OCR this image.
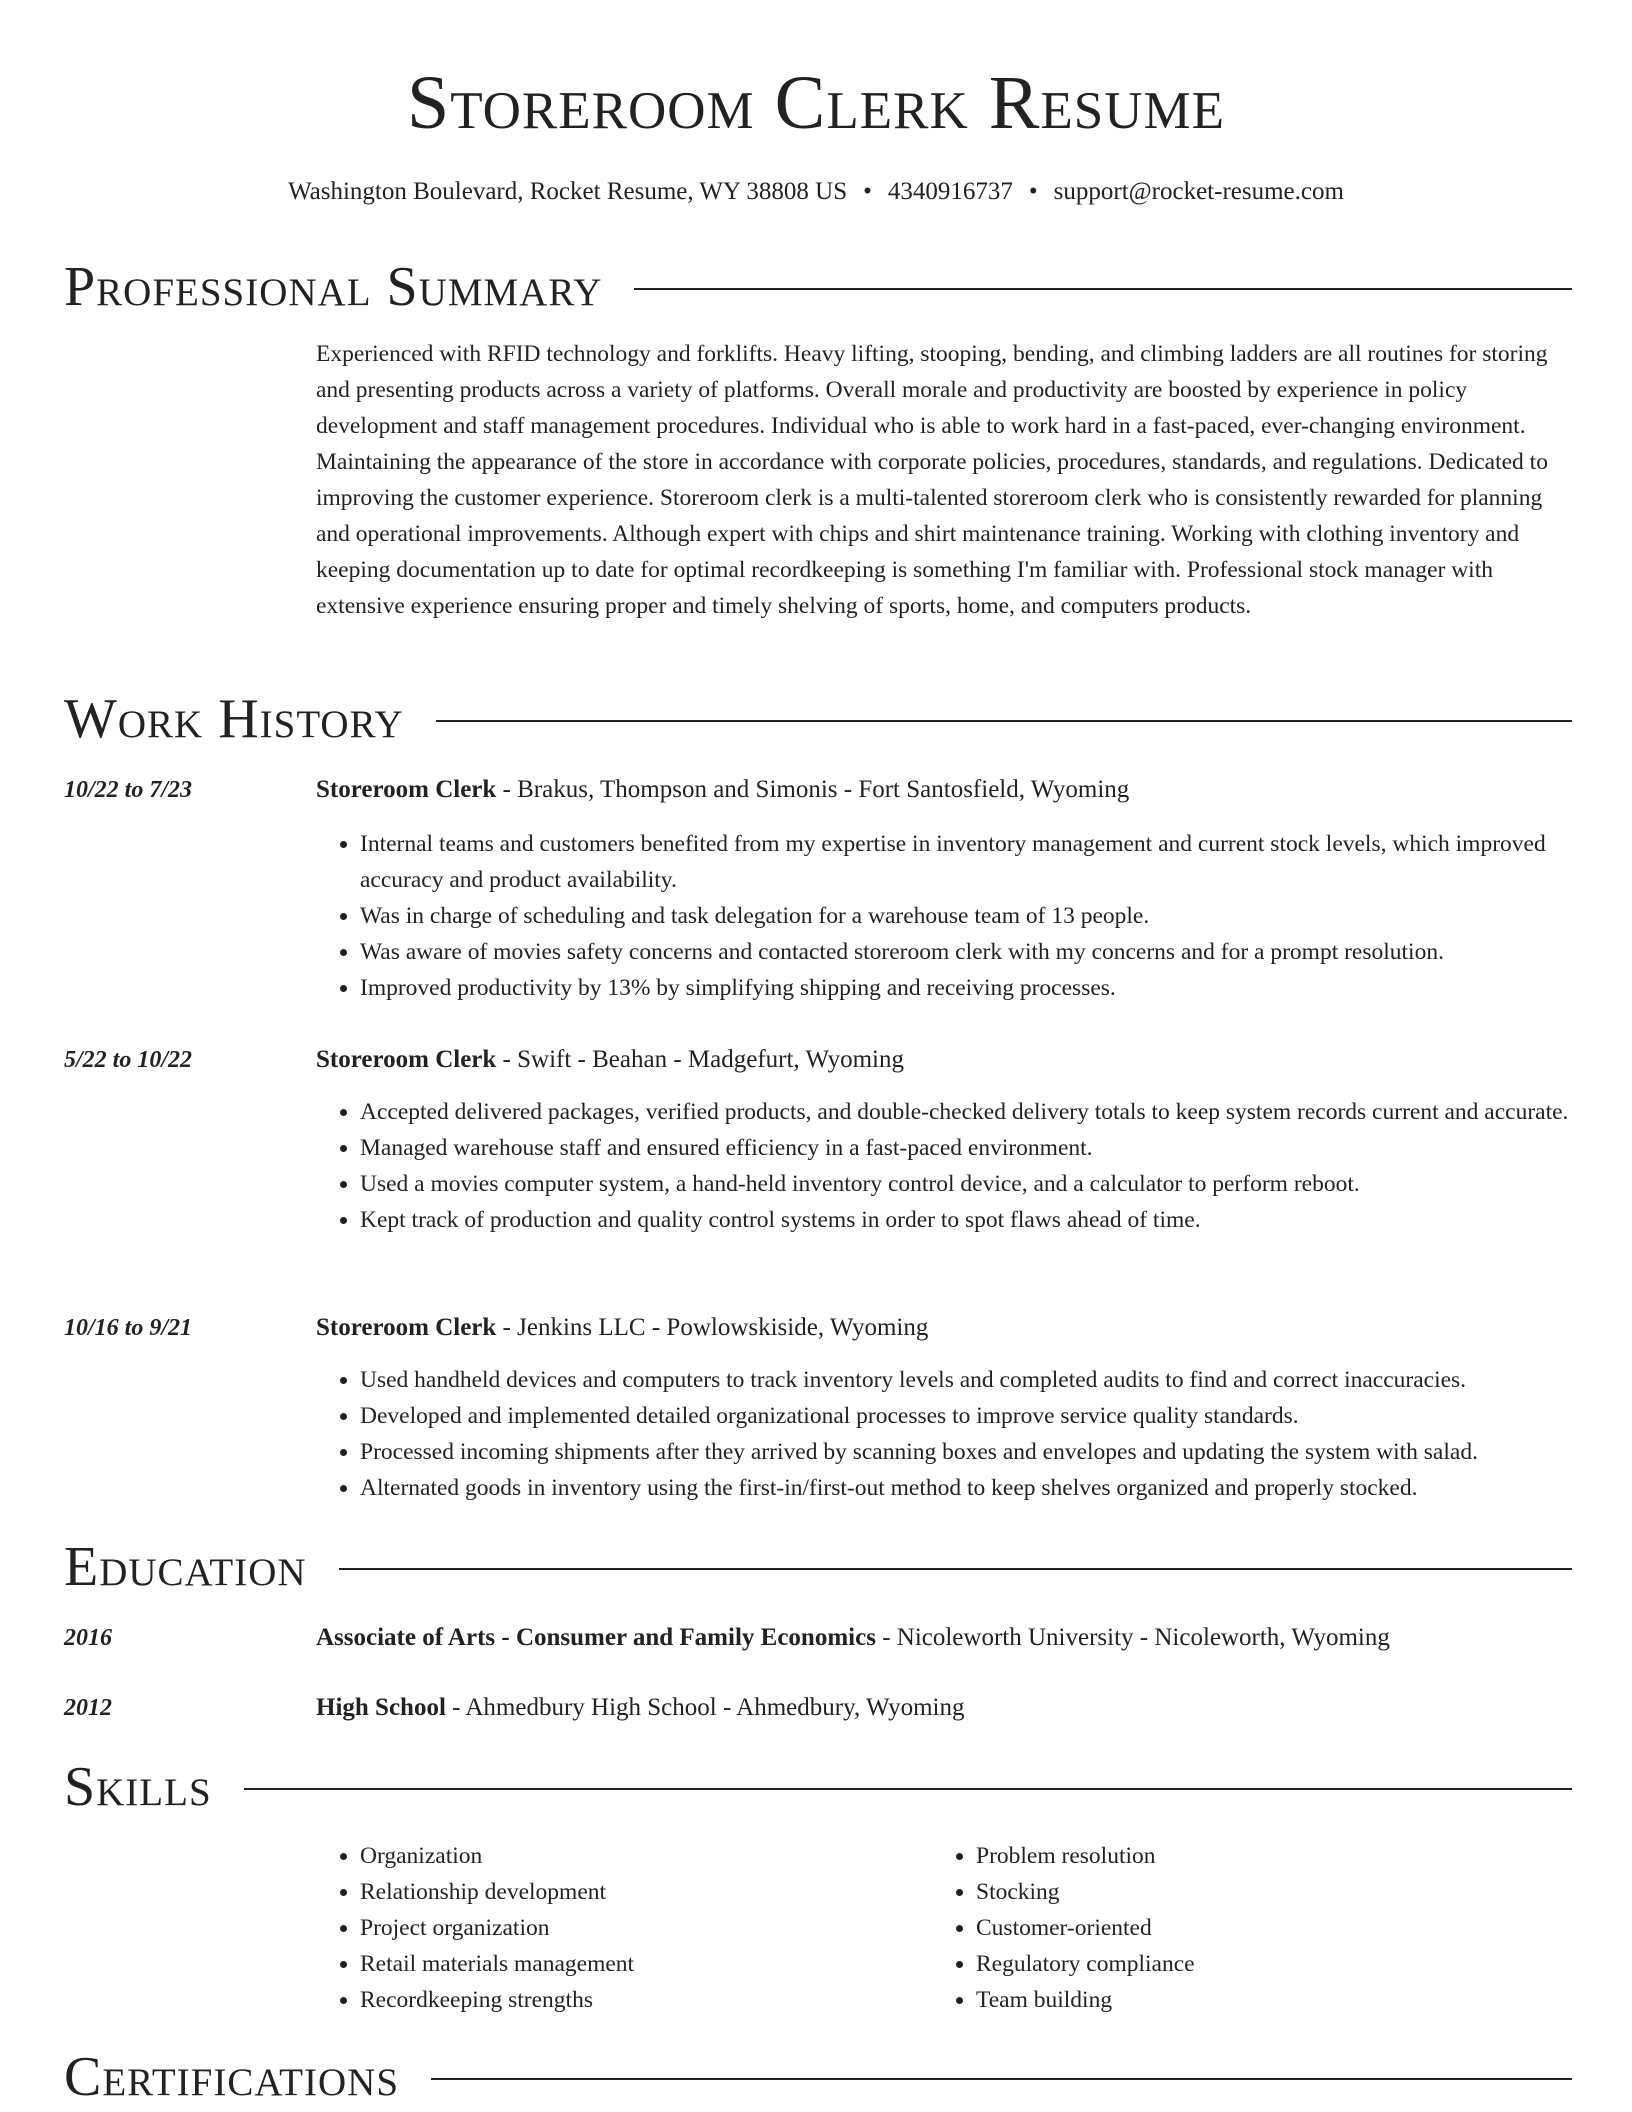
Storeroom Clerk Resume
Washington Boulevard, Rocket Resume, WY 38808 US • 4340916737 • support@rocket-resume.com
Professional Summary
Experienced with RFID technology and forklifts. Heavy lifting, stooping, bending, and climbing ladders are all routines for storing and presenting products across a variety of platforms. Overall morale and productivity are boosted by experience in policy development and staff management procedures. Individual who is able to work hard in a fast-paced, ever-changing environment. Maintaining the appearance of the store in accordance with corporate policies, procedures, standards, and regulations. Dedicated to improving the customer experience. Storeroom clerk is a multi-talented storeroom clerk who is consistently rewarded for planning and operational improvements. Although expert with chips and shirt maintenance training. Working with clothing inventory and keeping documentation up to date for optimal recordkeeping is something I'm familiar with. Professional stock manager with extensive experience ensuring proper and timely shelving of sports, home, and computers products.
Work History
10/22 to 7/23	Storeroom Clerk - Brakus, Thompson and Simonis - Fort Santosfield, Wyoming
• Internal teams and customers benefited from my expertise in inventory management and current stock levels, which improved accuracy and product availability.
• Was in charge of scheduling and task delegation for a warehouse team of 13 people.
• Was aware of movies safety concerns and contacted storeroom clerk with my concerns and for a prompt resolution.
• Improved productivity by 13% by simplifying shipping and receiving processes.
5/22 to 10/22	Storeroom Clerk - Swift - Beahan - Madgefurt, Wyoming
• Accepted delivered packages, verified products, and double-checked delivery totals to keep system records current and accurate.
• Managed warehouse staff and ensured efficiency in a fast-paced environment.
• Used a movies computer system, a hand-held inventory control device, and a calculator to perform reboot.
• Kept track of production and quality control systems in order to spot flaws ahead of time.
10/16 to 9/21	Storeroom Clerk - Jenkins LLC - Powlowskiside, Wyoming
• Used handheld devices and computers to track inventory levels and completed audits to find and correct inaccuracies.
• Developed and implemented detailed organizational processes to improve service quality standards.
• Processed incoming shipments after they arrived by scanning boxes and envelopes and updating the system with salad.
• Alternated goods in inventory using the first-in/first-out method to keep shelves organized and properly stocked.
Education
2016	Associate of Arts - Consumer and Family Economics - Nicoleworth University - Nicoleworth, Wyoming
2012	High School - Ahmedbury High School - Ahmedbury, Wyoming
Skills
• Organization
• Relationship development
• Project organization
• Retail materials management
• Recordkeeping strengths
• Problem resolution
• Stocking
• Customer-oriented
• Regulatory compliance
• Team building
Certifications
